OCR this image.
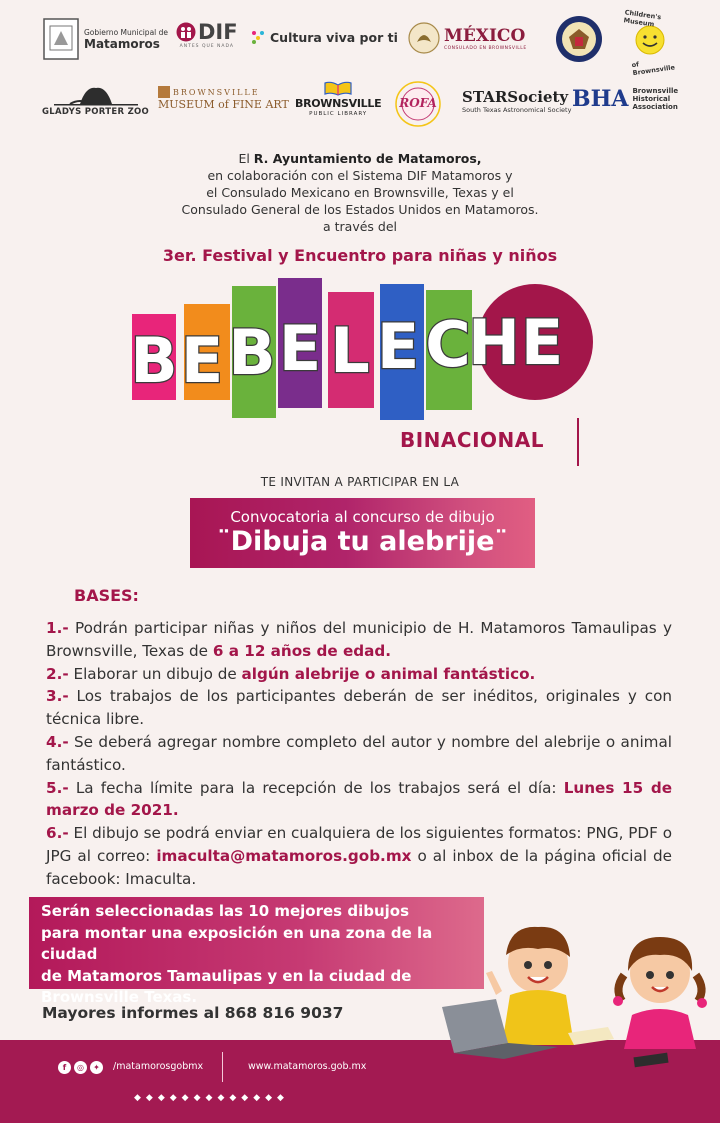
Gobierno Municipal de
Matamoros	DIF
ANTES QUE NADA
Cultura viva por ti	MÉXICO
CONSULADO EN BROWNSVILLE
Children's Museum
of Brownsville
GLADYS PORTER ZOO
BROWNSVILLE
MUSEUM of FINE ART BROWNSVILLE
PUBLIC LIBRARY
ROFA	STARSociety
South Texas Astronomical Society BHA Brownsville
Historical
Association
El R. Ayuntamiento de Matamoros,
en colaboración con el Sistema DIF Matamoros y
el Consulado Mexicano en Brownsville, Texas y el
Consulado General de los Estados Unidos en Matamoros.
a través del
3er. Festival y Encuentro para niñas y niños
B E B E L E C
H E
BINACIONAL
TE INVITAN A PARTICIPAR EN LA
Convocatoria al concurso de dibujo
¨Dibuja tu alebrije¨
BASES:

1.- Podrán participar niñas y niños del municipio de H. Matamoros Tamaulipas y Brownsville, Texas de 6 a 12 años de edad.

2.- Elaborar un dibujo de algún alebrije o animal fantástico.

3.- Los trabajos de los participantes deberán de ser inéditos, originales y con técnica libre.

4.- Se deberá agregar nombre completo del autor y nombre del alebrije o animal fantástico.

5.- La fecha límite para la recepción de los trabajos será el día: Lunes 15 de marzo de 2021.

6.- El dibujo se podrá enviar en cualquiera de los siguientes formatos: PNG, PDF o JPG al correo: imaculta@matamoros.gob.mx o al inbox de la página oficial de facebook: Imaculta.

Serán seleccionadas las 10 mejores dibujos
para montar una exposición en una zona de la ciudad
de Matamoros Tamaulipas y en la ciudad de
Brownsville Texas.
Mayores informes al 868 816 9037
f	◎	✦	/matamorosgobmx	www.matamoros.gob.mx
◆◆◆◆◆◆◆◆◆◆◆◆◆
